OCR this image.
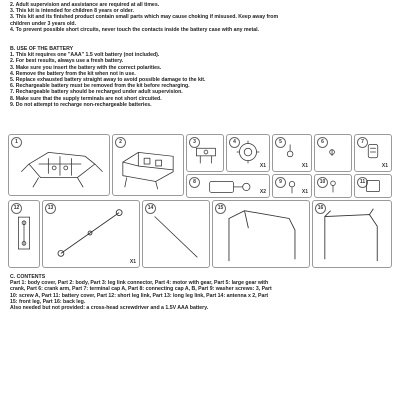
2. Adult supervision and assistance are required at all times.
3. This kit is intended for children 8 years or older.
3. This kit and its finished product contain small parts which may cause choking if misused. Keep away from
children under 3 years old.
4. To prevent possible short circuits, never touch the contacts inside the battery case with any metal.
B. USE OF THE BATTERY
1. This kit requires one "AAA" 1.5 volt battery (not included).
2. For best results, always use a fresh battery.
3. Make sure you insert the battery with the correct polarities.
4. Remove the battery from the kit when not in use.
5. Replace exhausted battery straight away to avoid possible damage to the kit.
6. Rechargeable battery must be removed from the kit before recharging.
7. Rechargeable battery should be recharged under adult supervision.
8. Make sure that the supply terminals are not short circuited.
9. Do not attempt to recharge non-rechargeable batteries.
1	2	3	4
X1
5
X1
6	7
X1
8
X2
9
X1
10	11
12	13
X1
14	15	16
C. CONTENTS
Part 1: body cover, Part 2: body, Part 3: leg link connector, Part 4: motor with gear, Part 5: large gear with
crank, Part 6: crank arm, Part 7: terminal cap A, Part 8: connecting cap A, B, Part 9: washer screws: 3, Part
10: screw A, Part 11: battery cover, Part 12: short leg link, Part 13: long leg link, Part 14: antenna x 2, Part
15: front leg, Part 16: back leg.
Also needed but not provided: a cross-head screwdriver and a 1.5V AAA battery.
